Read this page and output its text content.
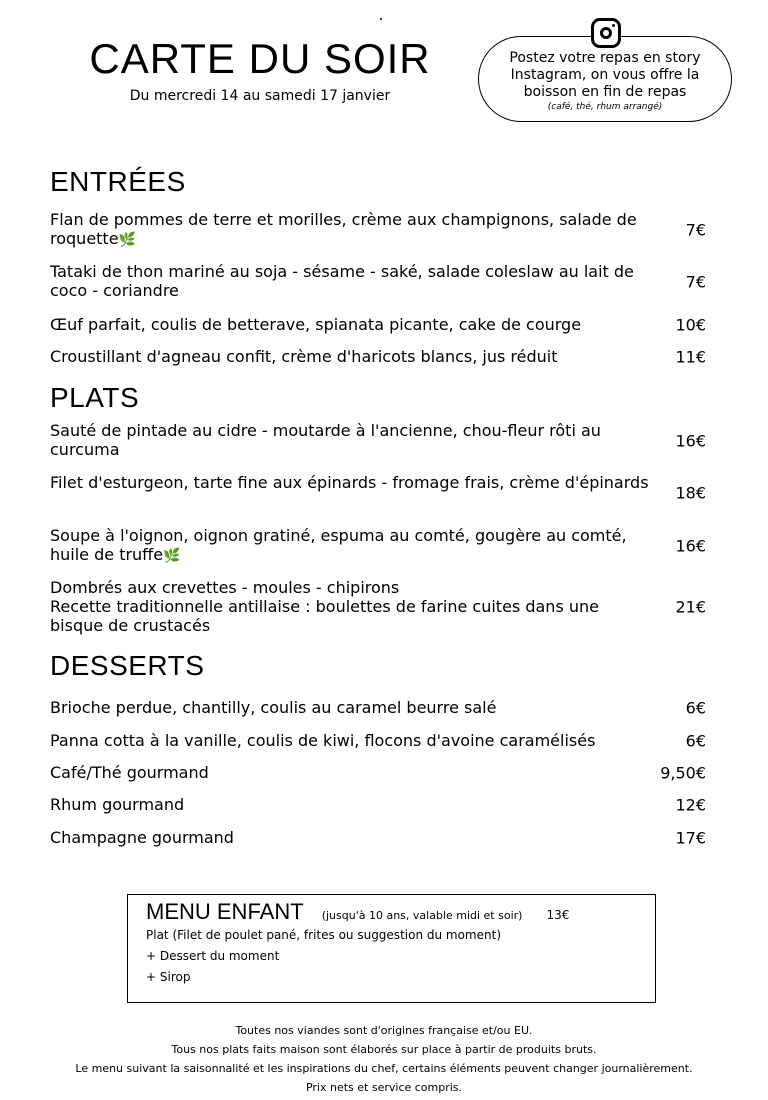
CARTE DU SOIR
Du mercredi 14 au samedi 17 janvier
Postez votre repas en story Instagram, on vous offre la boisson en fin de repas
(café, thé, rhum arrangé)
ENTRÉES
Flan de pommes de terre et morilles, crème aux champignons, salade de roquette🌿
7€
Tataki de thon mariné au soja - sésame - saké, salade coleslaw au lait de coco - coriandre	7€
Œuf parfait, coulis de betterave, spianata picante, cake de courge	10€
Croustillant d'agneau confit, crème d'haricots blancs, jus réduit	11€
PLATS
Sauté de pintade au cidre - moutarde à l'ancienne, chou-fleur rôti au curcuma	16€
Filet d'esturgeon, tarte fine aux épinards - fromage frais, crème d'épinards
18€
Soupe à l'oignon, oignon gratiné, espuma au comté, gougère au comté, huile de truffe🌿
16€
Dombrés aux crevettes - moules - chipirons
Recette traditionnelle antillaise : boulettes de farine cuites dans une bisque de crustacés
21€
DESSERTS
Brioche perdue, chantilly, coulis au caramel beurre salé	6€
Panna cotta à la vanille, coulis de kiwi, flocons d'avoine caramélisés	6€
Café/Thé gourmand	9,50€
Rhum gourmand	12€
Champagne gourmand	17€
MENU ENFANT (jusqu'à 10 ans, valable midi et soir) 13€
Plat (Filet de poulet pané, frites ou suggestion du moment)
+ Dessert du moment
+ Sirop
Toutes nos viandes sont d'origines française et/ou EU.
Tous nos plats faits maison sont élaborés sur place à partir de produits bruts.
Le menu suivant la saisonnalité et les inspirations du chef, certains éléments peuvent changer journalièrement.
Prix nets et service compris.
